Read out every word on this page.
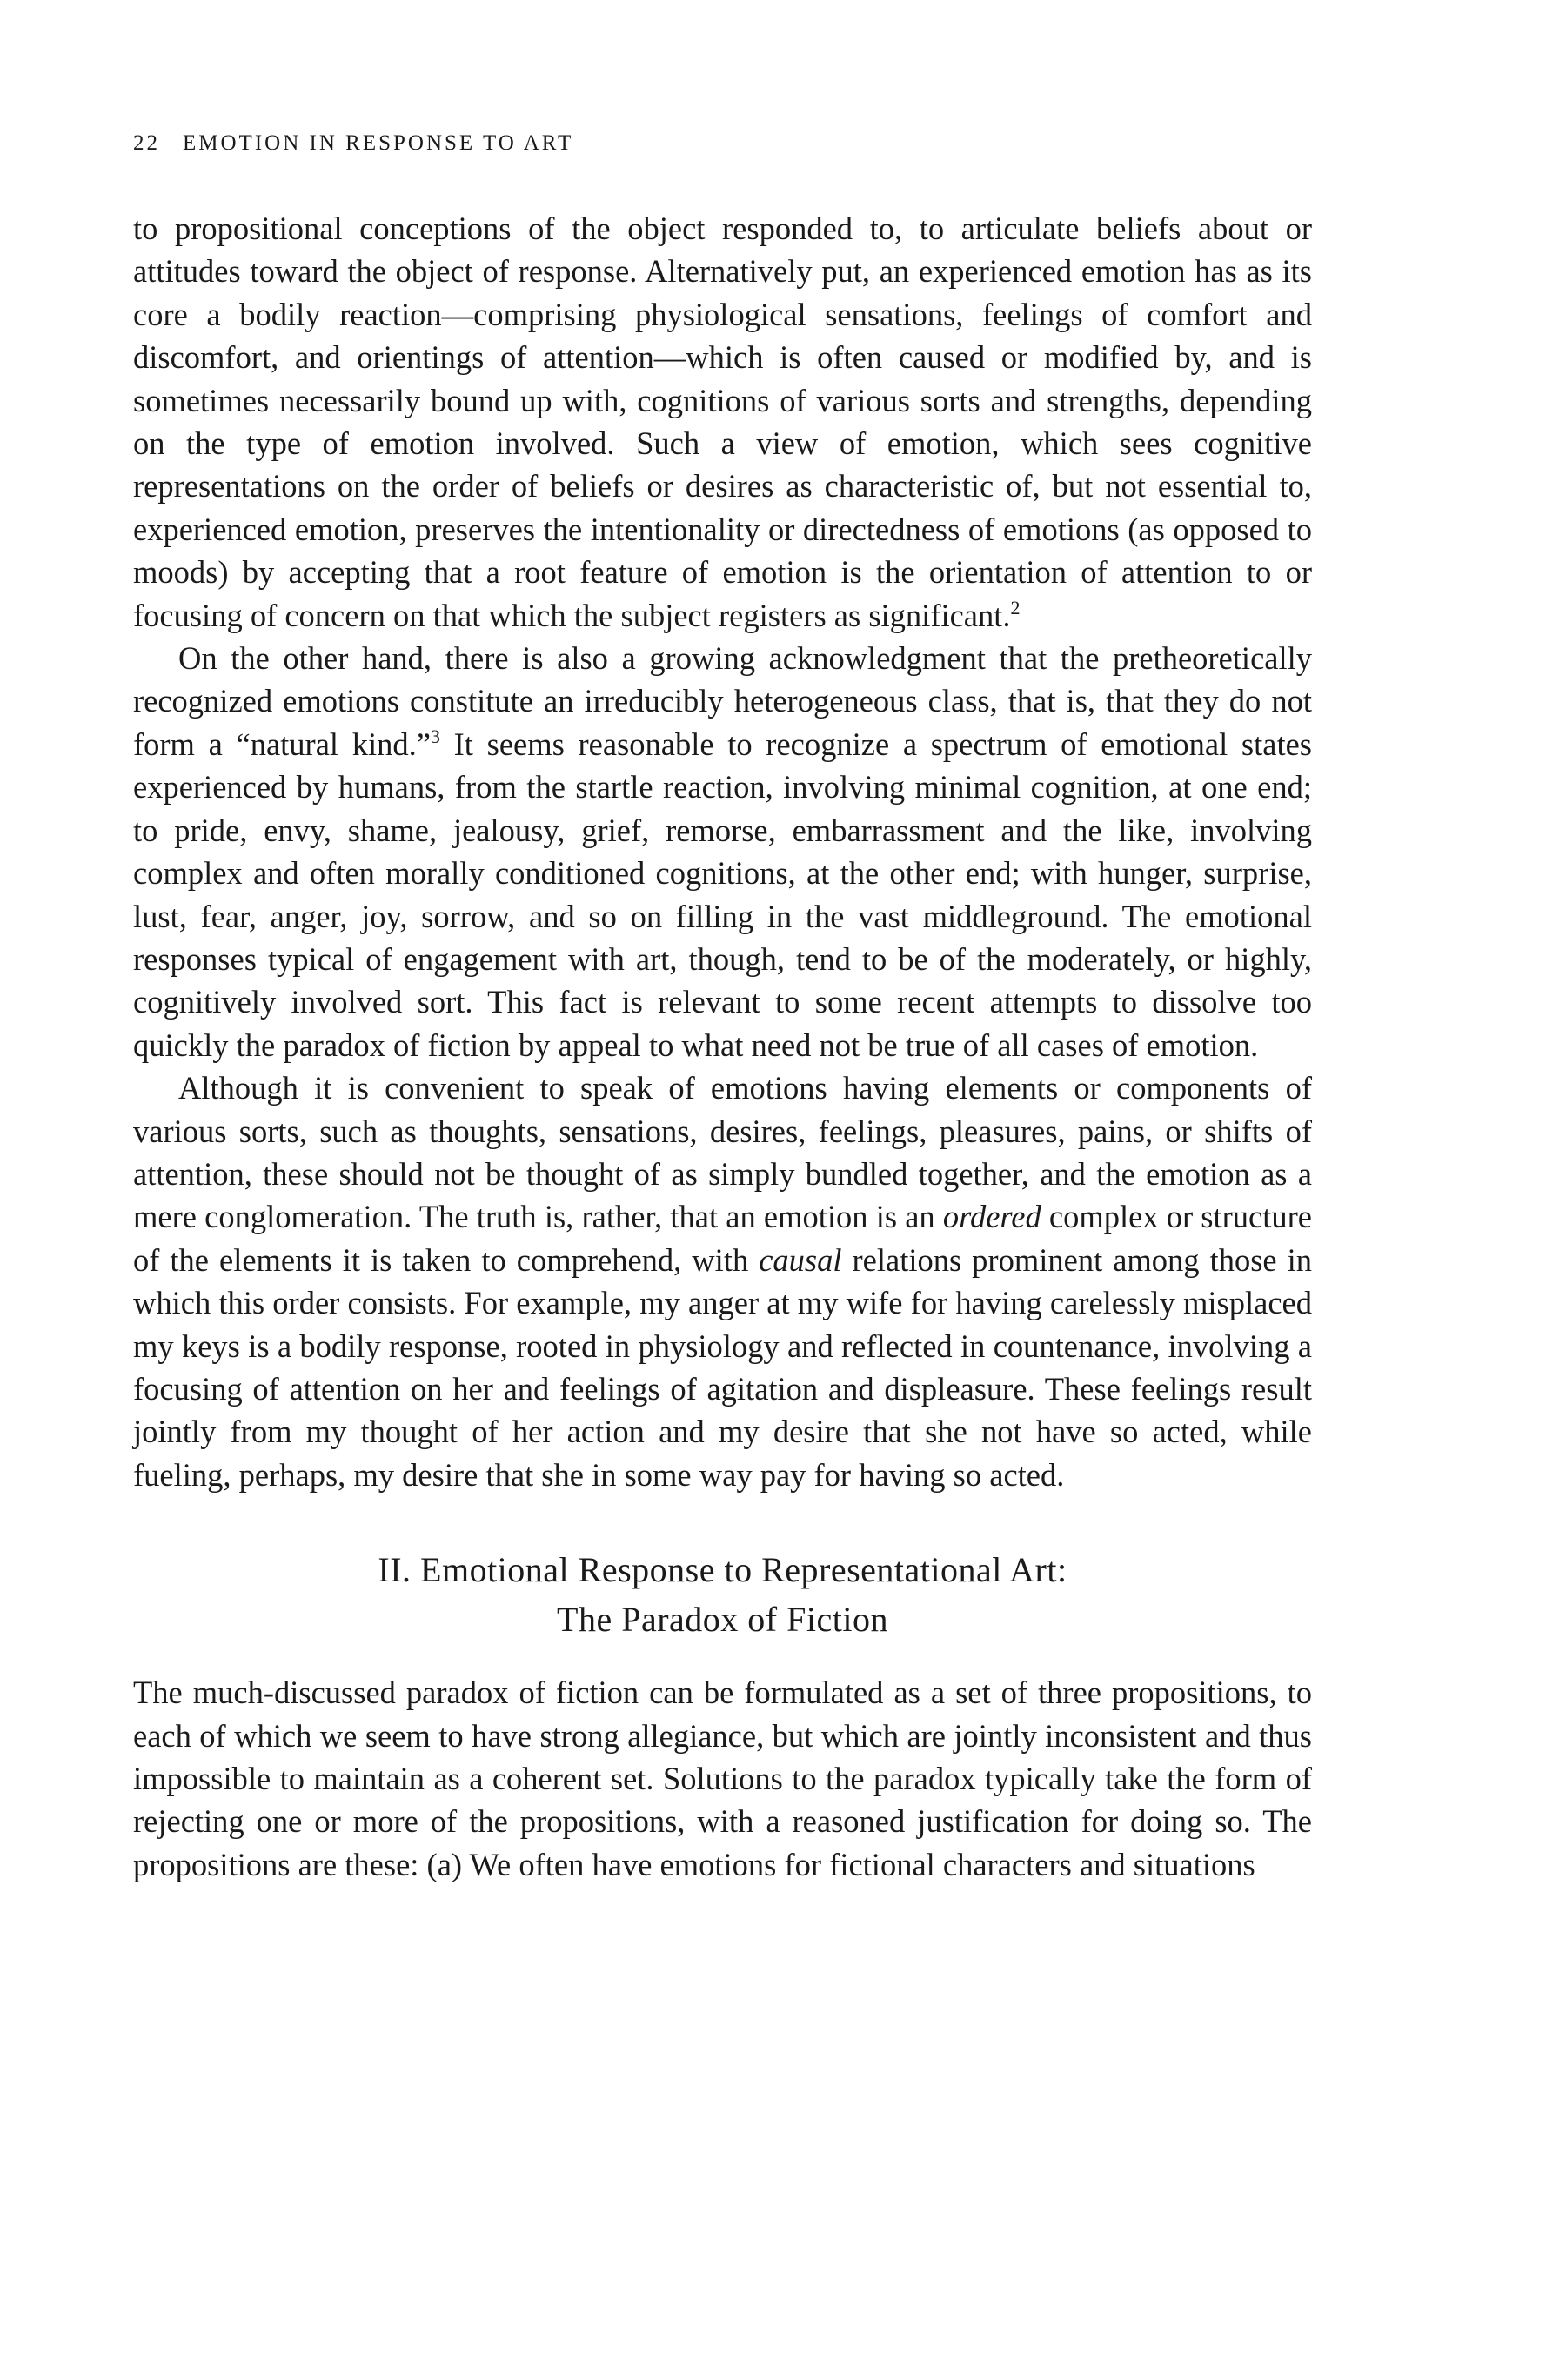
22 EMOTION IN RESPONSE TO ART

to propositional conceptions of the object responded to, to articulate beliefs about or attitudes toward the object of response. Alternatively put, an experienced emotion has as its core a bodily reaction—comprising physiological sensations, feelings of comfort and discomfort, and orientings of attention—which is often caused or modified by, and is sometimes necessarily bound up with, cognitions of various sorts and strengths, depending on the type of emotion involved. Such a view of emotion, which sees cognitive representations on the order of beliefs or desires as characteristic of, but not essential to, experienced emotion, preserves the intentionality or directedness of emotions (as opposed to moods) by accepting that a root feature of emotion is the orientation of attention to or focusing of concern on that which the subject registers as significant.$^2$

On the other hand, there is also a growing acknowledgment that the pretheoretically recognized emotions constitute an irreducibly heterogeneous class, that is, that they do not form a “natural kind.”$^3$ It seems reasonable to recognize a spectrum of emotional states experienced by humans, from the startle reaction, involving minimal cognition, at one end; to pride, envy, shame, jealousy, grief, remorse, embarrassment and the like, involving complex and often morally conditioned cognitions, at the other end; with hunger, surprise, lust, fear, anger, joy, sorrow, and so on filling in the vast middleground. The emotional responses typical of engagement with art, though, tend to be of the moderately, or highly, cognitively involved sort. This fact is relevant to some recent attempts to dissolve too quickly the paradox of fiction by appeal to what need not be true of all cases of emotion.

Although it is convenient to speak of emotions having elements or components of various sorts, such as thoughts, sensations, desires, feelings, pleasures, pains, or shifts of attention, these should not be thought of as simply bundled together, and the emotion as a mere conglomeration. The truth is, rather, that an emotion is an ordered complex or structure of the elements it is taken to comprehend, with causal relations prominent among those in which this order consists. For example, my anger at my wife for having carelessly misplaced my keys is a bodily response, rooted in physiology and reflected in countenance, involving a focusing of attention on her and feelings of agitation and displeasure. These feelings result jointly from my thought of her action and my desire that she not have so acted, while fueling, perhaps, my desire that she in some way pay for having so acted.

II. Emotional Response to Representational Art:
The Paradox of Fiction

The much-discussed paradox of fiction can be formulated as a set of three propositions, to each of which we seem to have strong allegiance, but which are jointly inconsistent and thus impossible to maintain as a coherent set. Solutions to the paradox typically take the form of rejecting one or more of the propositions, with a reasoned justification for doing so. The propositions are these: (a) We often have emotions for fictional characters and situations
